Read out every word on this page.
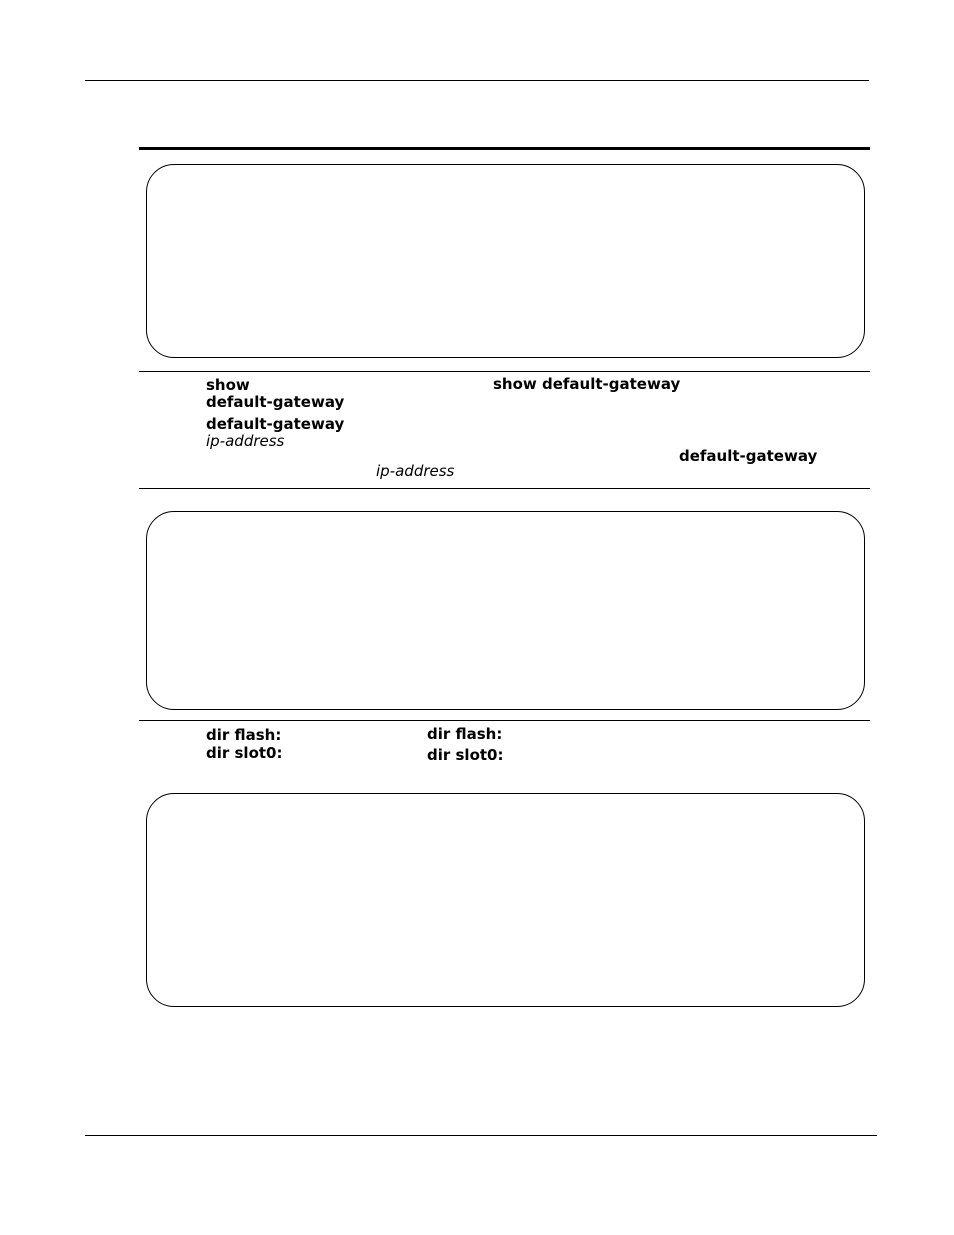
show	show default-gateway
default-gateway
default-gateway
ip-address
default-gateway
ip-address
dir flash:
dir slot0:
dir flash:
dir slot0:
